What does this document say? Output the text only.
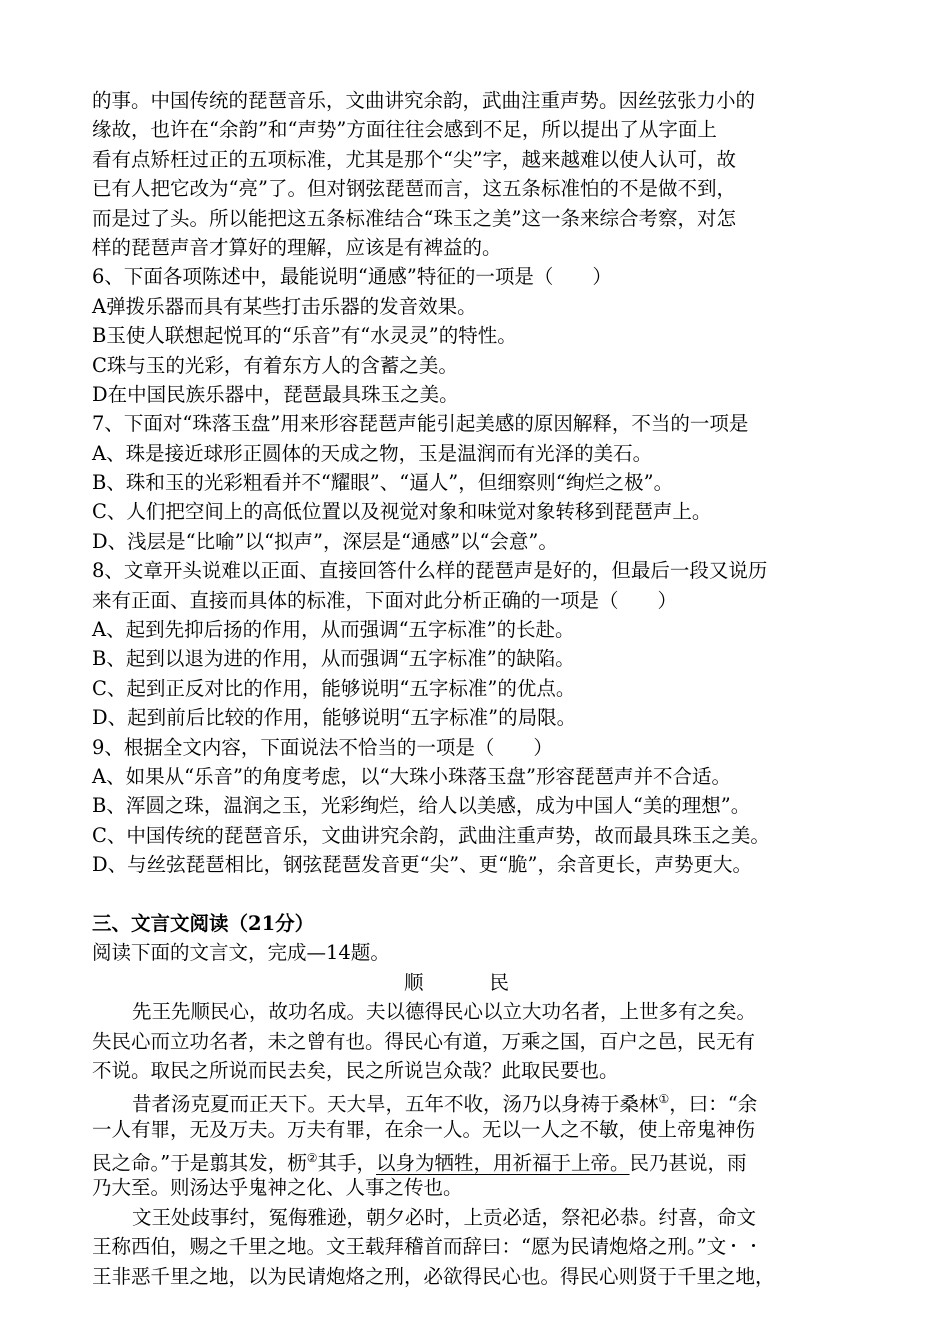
的事。中国传统的琵琶音乐，文曲讲究余韵，武曲注重声势。因丝弦张力小的
缘故，也许在“余韵”和“声势”方面往往会感到不足，所以提出了从字面上
看有点矫枉过正的五项标准，尤其是那个“尖”字，越来越难以使人认可，故
已有人把它改为“亮”了。但对钢弦琵琶而言，这五条标准怕的不是做不到，
而是过了头。所以能把这五条标准结合“珠玉之美”这一条来综合考察，对怎
样的琵琶声音才算好的理解，应该是有裨益的。
6、下面各项陈述中，最能说明“通感”特征的一项是（　　）
A弹拨乐器而具有某些打击乐器的发音效果。
B玉使人联想起悦耳的“乐音”有“水灵灵”的特性。
C珠与玉的光彩，有着东方人的含蓄之美。
D在中国民族乐器中，琵琶最具珠玉之美。
7、下面对“珠落玉盘”用来形容琵琶声能引起美感的原因解释，不当的一项是
A、珠是接近球形正圆体的天成之物，玉是温润而有光泽的美石。
B、珠和玉的光彩粗看并不“耀眼”、“逼人”，但细察则“绚烂之极”。
C、人们把空间上的高低位置以及视觉对象和味觉对象转移到琵琶声上。
D、浅层是“比喻”以“拟声”，深层是“通感”以“会意”。
8、文章开头说难以正面、直接回答什么样的琵琶声是好的，但最后一段又说历
来有正面、直接而具体的标准，下面对此分析正确的一项是（　　）
A、起到先抑后扬的作用，从而强调“五字标准”的长赴。
B、起到以退为进的作用，从而强调“五字标准”的缺陷。
C、起到正反对比的作用，能够说明“五字标准”的优点。
D、起到前后比较的作用，能够说明“五字标准”的局限。
9、根据全文内容，下面说法不恰当的一项是（　　）
A、如果从“乐音”的角度考虑，以“大珠小珠落玉盘”形容琵琶声并不合适。
B、浑圆之珠，温润之玉，光彩绚烂，给人以美感，成为中国人“美的理想”。
C、中国传统的琵琶音乐，文曲讲究余韵，武曲注重声势，故而最具珠玉之美。
D、与丝弦琵琶相比，钢弦琵琶发音更“尖”、更“脆”，余音更长，声势更大。
三、文言文阅读（21分）
阅读下面的文言文，完成—14题。
顺	民
先王先顺民心，故功名成。夫以德得民心以立大功名者，上世多有之矣。
失民心而立功名者，未之曾有也。得民心有道，万乘之国，百户之邑，民无有
不说。取民之所说而民去矣，民之所说岂众哉？此取民要也。
昔者汤克夏而正天下。天大旱，五年不收，汤乃以身祷于桑林①，曰：“余
一人有罪，无及万夫。万夫有罪，在余一人。无以一人之不敏，使上帝鬼神伤
民之命。”于是翦其发，枥②其手，以身为牺牲，用祈福于上帝。民乃甚说，雨
乃大至。则汤达乎鬼神之化、人事之传也。
文王处歧事纣，冤侮雅逊，朝夕必时，上贡必适，祭祀必恭。纣喜，命文
王称西伯，赐之千里之地。文王载拜稽首而辞曰：“愿为民请炮烙之刑。”文
王非恶千里之地，以为民请炮烙之刑，必欲得民心也。得民心则贤于千里之地，
